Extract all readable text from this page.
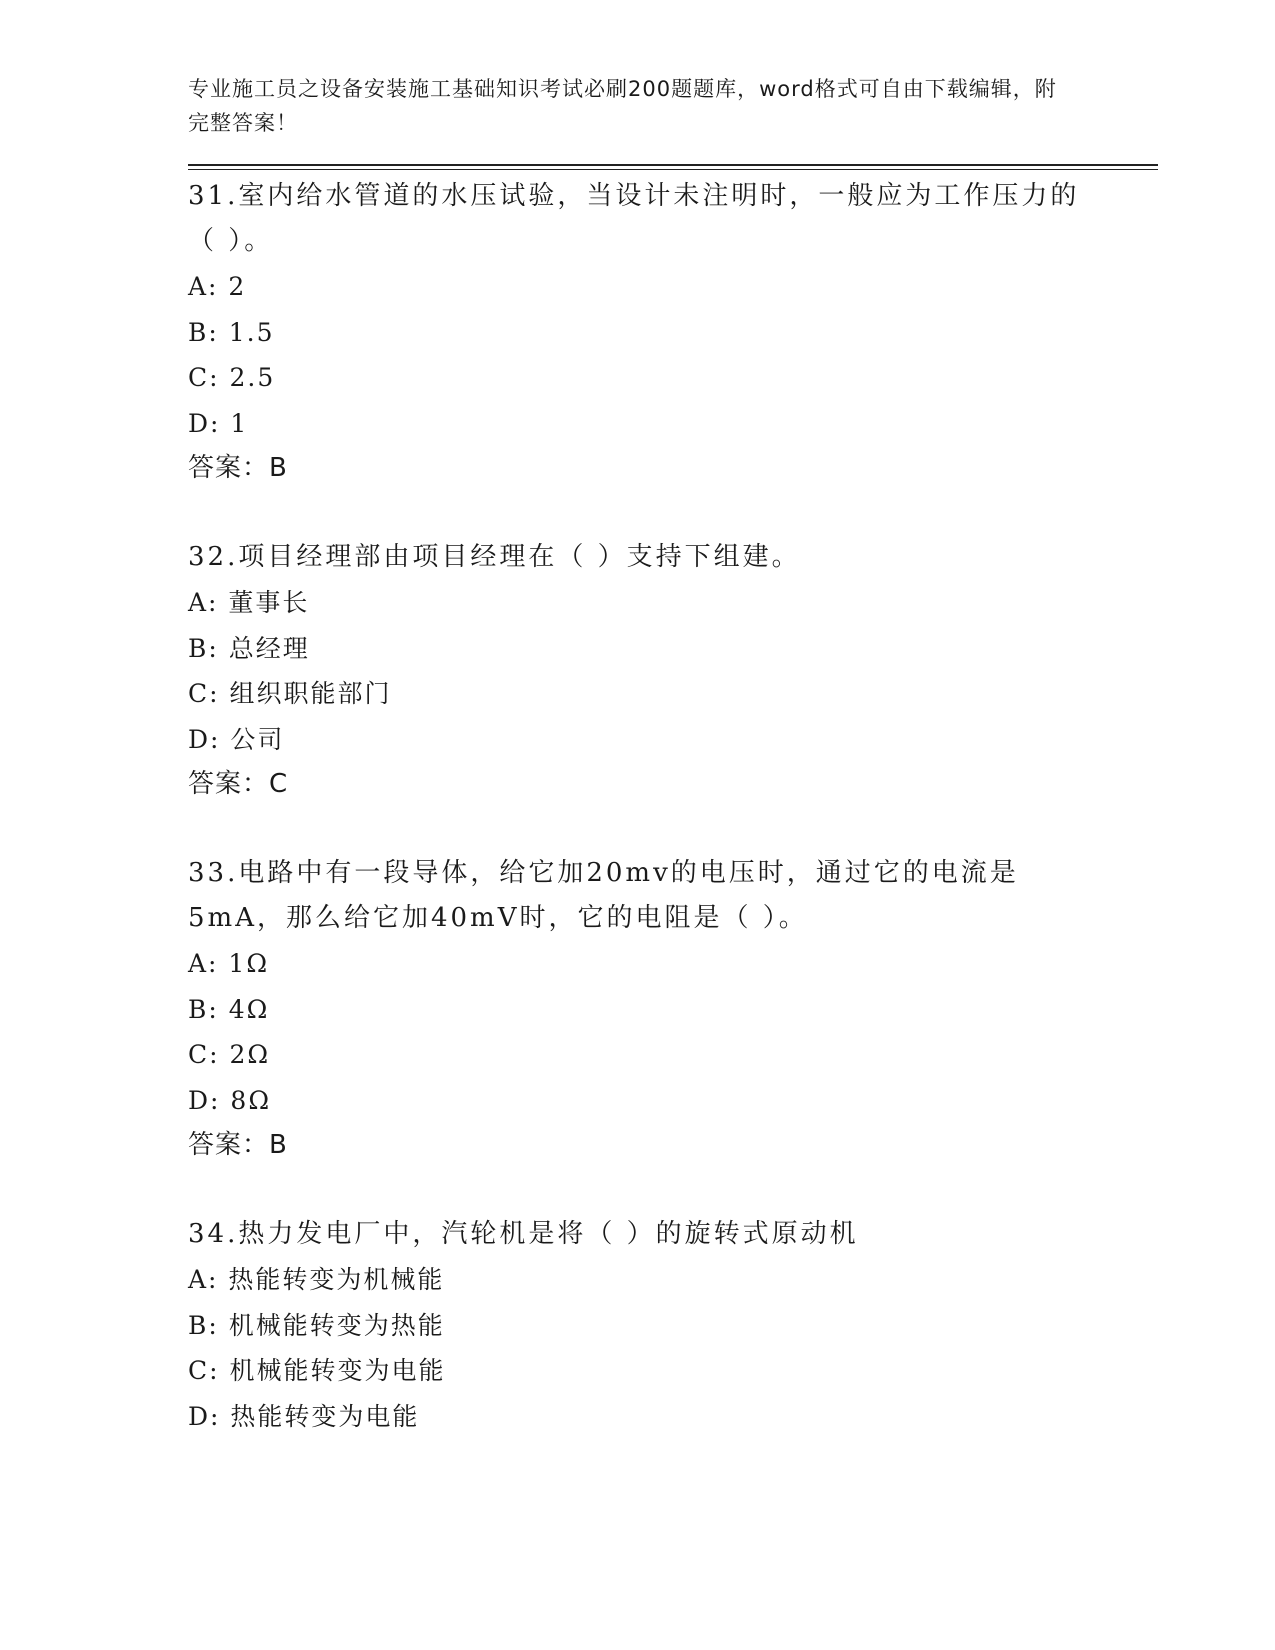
专业施工员之设备安装施工基础知识考试必刷200题题库，word格式可自由下载编辑，附完整答案！
31.室内给水管道的水压试验，当设计未注明时，一般应为工作压力的（ ）。
A: 2
B: 1.5
C: 2.5
D: 1
答案：B
32.项目经理部由项目经理在（ ）支持下组建。
A: 董事长
B: 总经理
C: 组织职能部门
D: 公司
答案：C
33.电路中有一段导体，给它加20mv的电压时，通过它的电流是5mA，那么给它加40mV时，它的电阻是（ ）。
A: 1Ω
B: 4Ω
C: 2Ω
D: 8Ω
答案：B
34.热力发电厂中，汽轮机是将（ ）的旋转式原动机
A: 热能转变为机械能
B: 机械能转变为热能
C: 机械能转变为电能
D: 热能转变为电能
